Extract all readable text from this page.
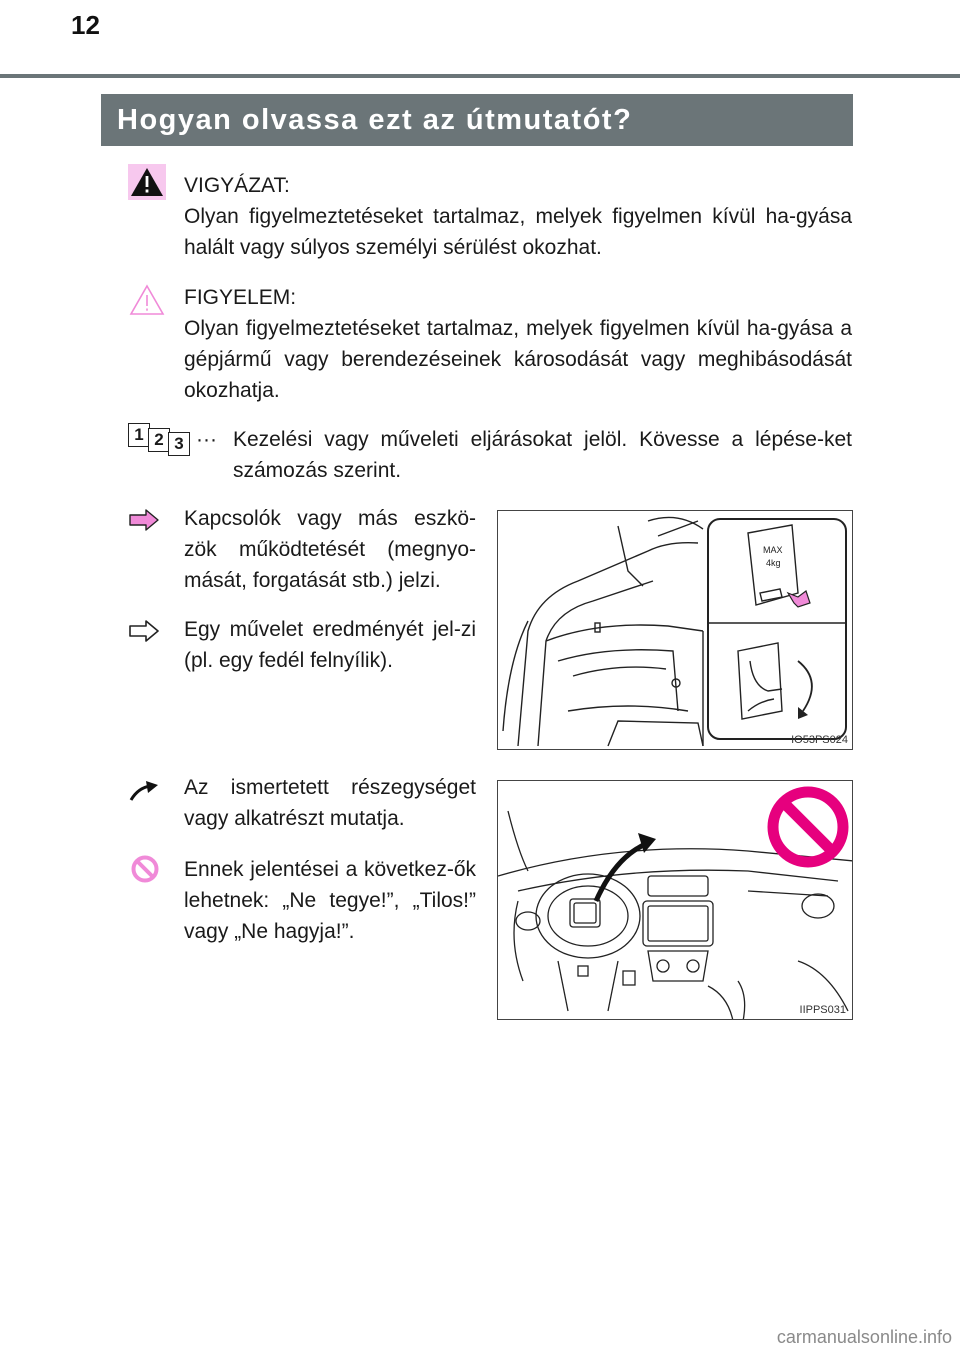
12
Hogyan olvassa ezt az útmutatót?
VIGYÁZAT:
Olyan figyelmeztetéseket tartalmaz, melyek figyelmen kívül ha-gyása halált vagy súlyos személyi sérülést okozhat.
FIGYELEM:
Olyan figyelmeztetéseket tartalmaz, melyek figyelmen kívül ha-gyása a gépjármű vagy berendezéseinek károsodását vagy meghibásodását okozhatja.
1 2 3 ··· Kezelési vagy műveleti eljárásokat jelöl. Kövesse a lépése-ket számozás szerint.
Kapcsolók vagy más eszkö-zök működtetését (megnyo-mását, forgatását stb.) jelzi.
Egy művelet eredményét jel-zi (pl. egy fedél felnyílik).
MAX
4kg
IO53PS024
Az ismertetett részegységet vagy alkatrészt mutatja.
Ennek jelentései a következ-ők lehetnek: „Ne tegye!”, „Tilos!” vagy „Ne hagyja!”.
IIPPS031
carmanualsonline.info
